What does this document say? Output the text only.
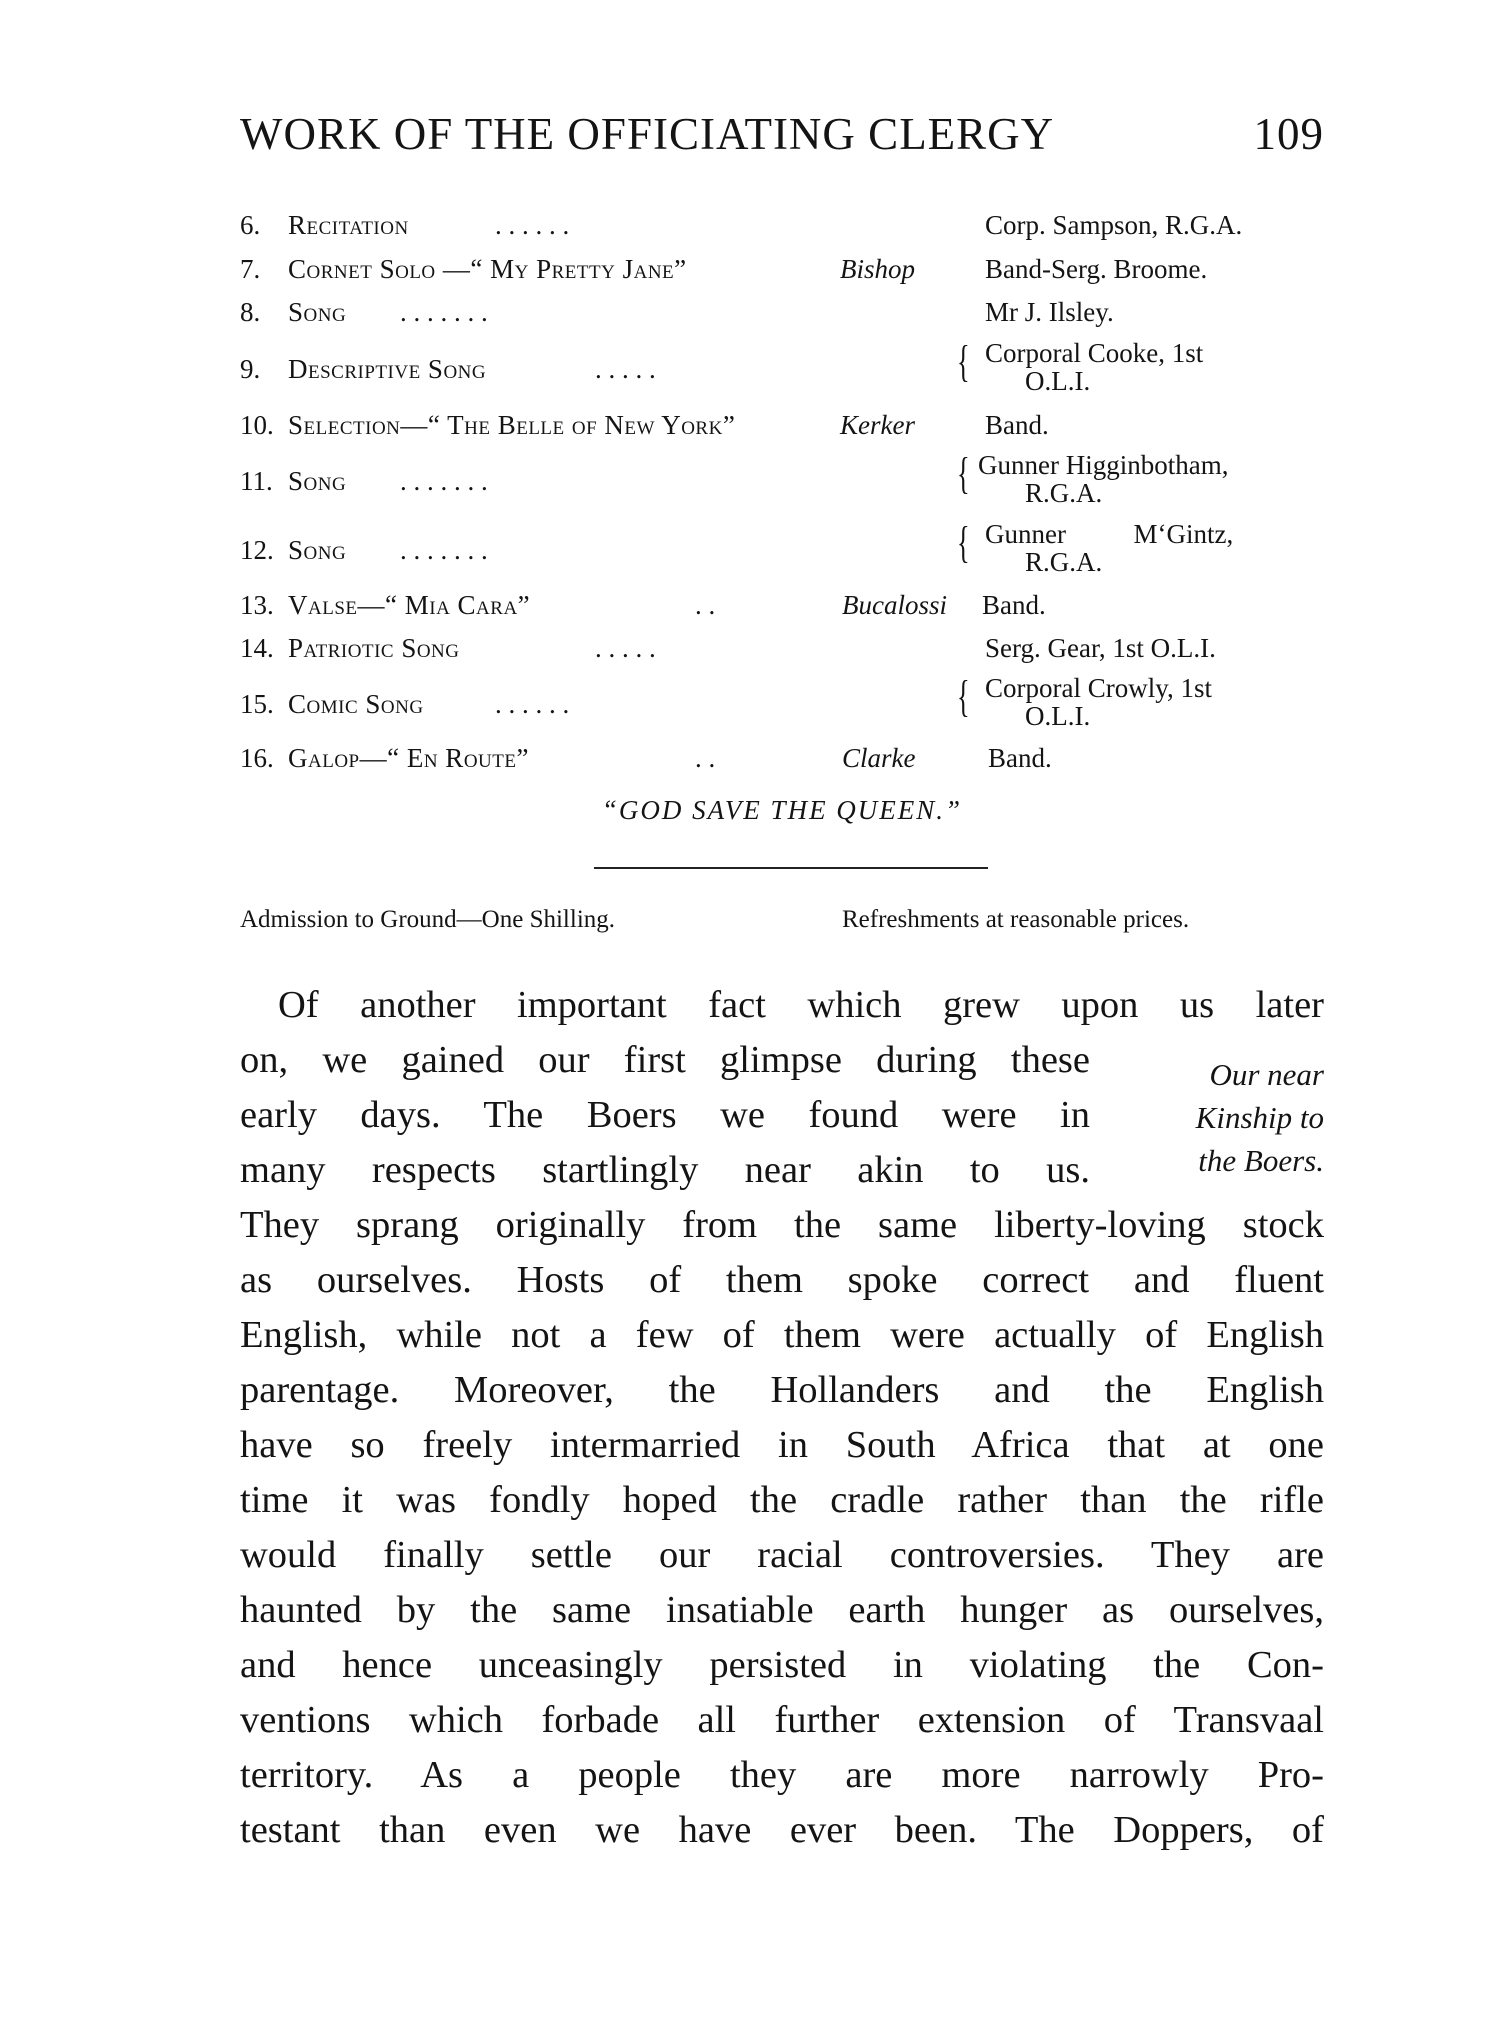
WORK OF THE OFFICIATING CLERGY	109
6. Recitation	. . . . . .	Corp. Sampson, R.G.A.
7. Cornet Solo —“ My Pretty Jane”	Bishop	Band-Serg. Broome.
8. Song . . . . . . .	Mr J. Ilsley.
9. Descriptive Song	. . . . .	{ Corporal Cooke, 1st
O.L.I.
10. Selection—“ The Belle of New York”	Kerker	Band.
11. Song . . . . . . .	{ Gunner Higginbotham,
R.G.A.
12. Song . . . . . . .	{ Gunner          M‘Gintz,
R.G.A.
13. Valse—“ Mia Cara”	. .	Bucalossi Band.
14. Patriotic Song	. . . . .	Serg. Gear, 1st O.L.I.
15. Comic Song	. . . . . .	{ Corporal Crowly, 1st
O.L.I.
16. Galop—“ En Route”	. .	Clarke	Band.
“GOD SAVE THE QUEEN.”
Admission to Ground—One Shilling.	Refreshments at reasonable prices.
Our near
Kinship to
the Boers.
Of another important fact which grew upon us later
on, we gained our first glimpse during these
early days. The Boers we found were in
many respects startlingly near akin to us.
They sprang originally from the same liberty-loving stock
as ourselves. Hosts of them spoke correct and fluent
English, while not a few of them were actually of English
parentage. Moreover, the Hollanders and the English
have so freely intermarried in South Africa that at one
time it was fondly hoped the cradle rather than the rifle
would finally settle our racial controversies. They are
haunted by the same insatiable earth hunger as ourselves,
and hence unceasingly persisted in violating the Con-
ventions which forbade all further extension of Transvaal
territory. As a people they are more narrowly Pro-
testant than even we have ever been. The Doppers, of
